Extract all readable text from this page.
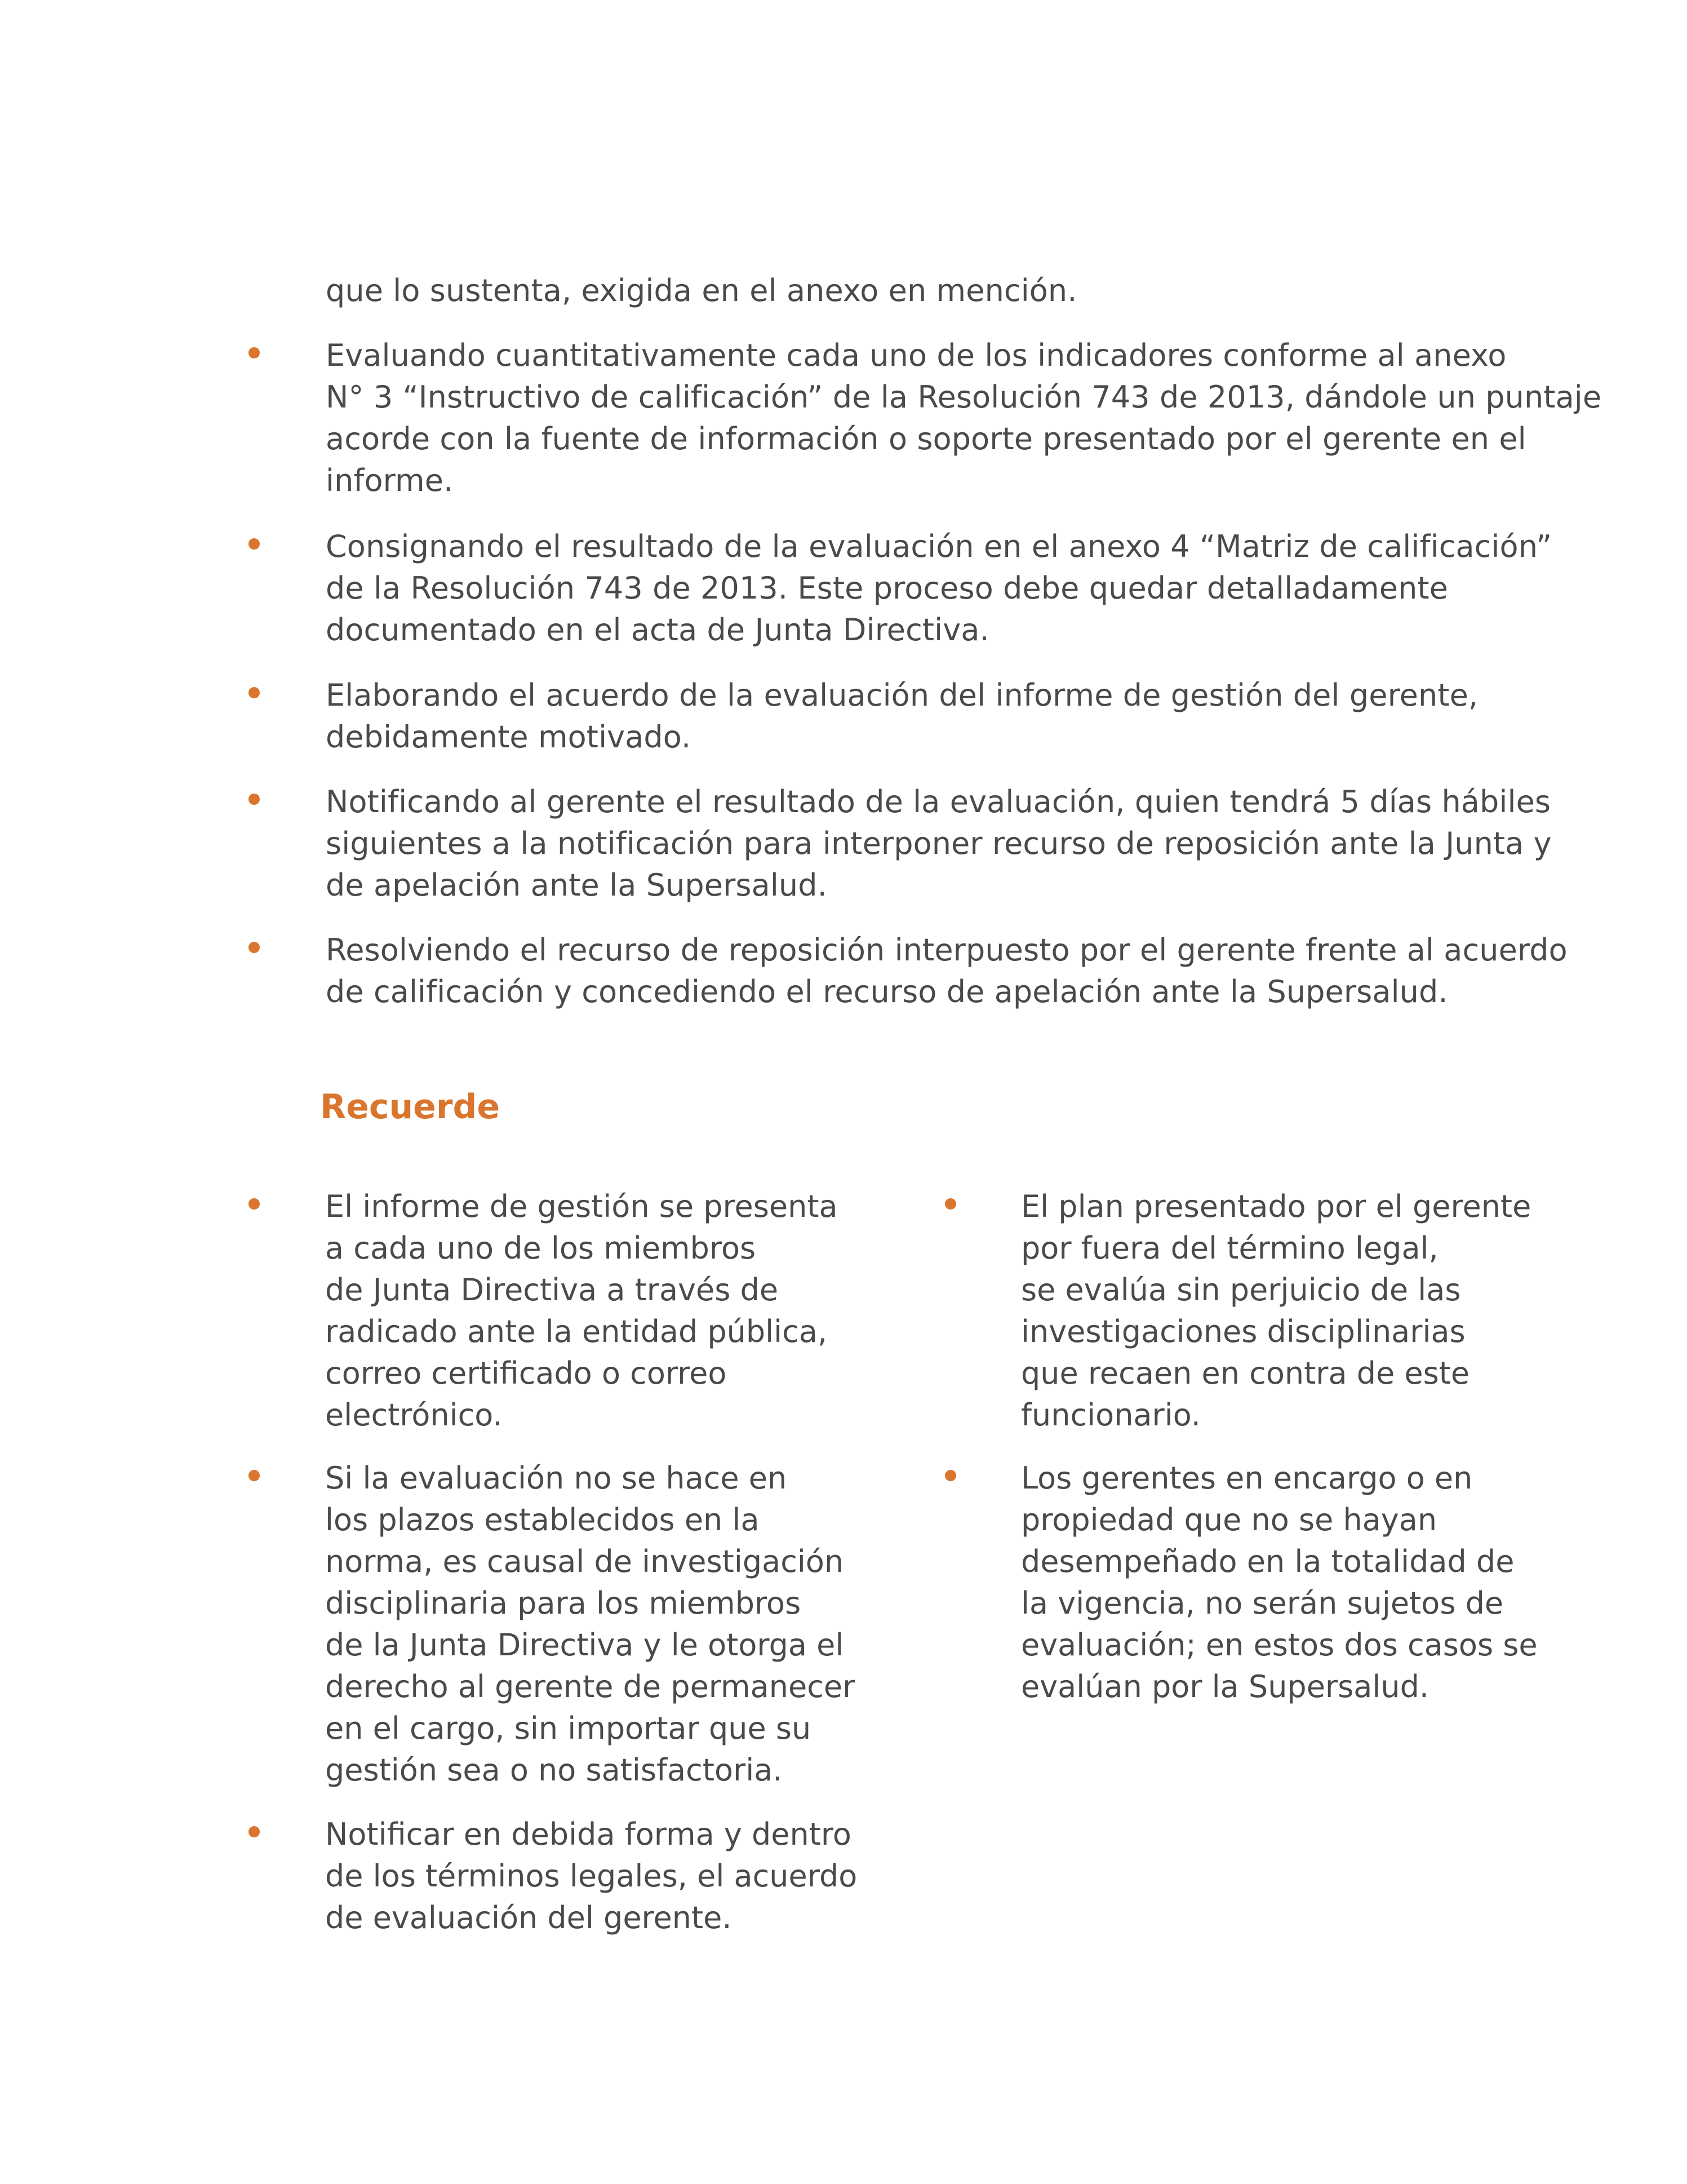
que lo sustenta, exigida en el anexo en mención.
Evaluando cuantitativamente cada uno de los indicadores conforme al anexo
N° 3 “Instructivo de calificación” de la Resolución 743 de 2013, dándole un puntaje
acorde con la fuente de información o soporte presentado por el gerente en el
informe.
Consignando el resultado de la evaluación en el anexo 4 “Matriz de calificación”
de la Resolución 743 de 2013. Este proceso debe quedar detalladamente
documentado en el acta de Junta Directiva.
Elaborando el acuerdo de la evaluación del informe de gestión del gerente,
debidamente motivado.
Notificando al gerente el resultado de la evaluación, quien tendrá 5 días hábiles
siguientes a la notificación para interponer recurso de reposición ante la Junta y
de apelación ante la Supersalud.
Resolviendo el recurso de reposición interpuesto por el gerente frente al acuerdo
de calificación y concediendo el recurso de apelación ante la Supersalud.
Recuerde
El informe de gestión se presenta
a cada uno de los miembros
de Junta Directiva a través de
radicado ante la entidad pública,
correo certificado o correo
electrónico.
Si la evaluación no se hace en
los plazos establecidos en la
norma, es causal de investigación
disciplinaria para los miembros
de la Junta Directiva y le otorga el
derecho al gerente de permanecer
en el cargo, sin importar que su
gestión sea o no satisfactoria.
Notificar en debida forma y dentro
de los términos legales, el acuerdo
de evaluación del gerente.
El plan presentado por el gerente
por fuera del término legal,
se evalúa sin perjuicio de las
investigaciones disciplinarias
que recaen en contra de este
funcionario.
Los gerentes en encargo o en
propiedad que no se hayan
desempeñado en la totalidad de
la vigencia, no serán sujetos de
evaluación; en estos dos casos se
evalúan por la Supersalud.
